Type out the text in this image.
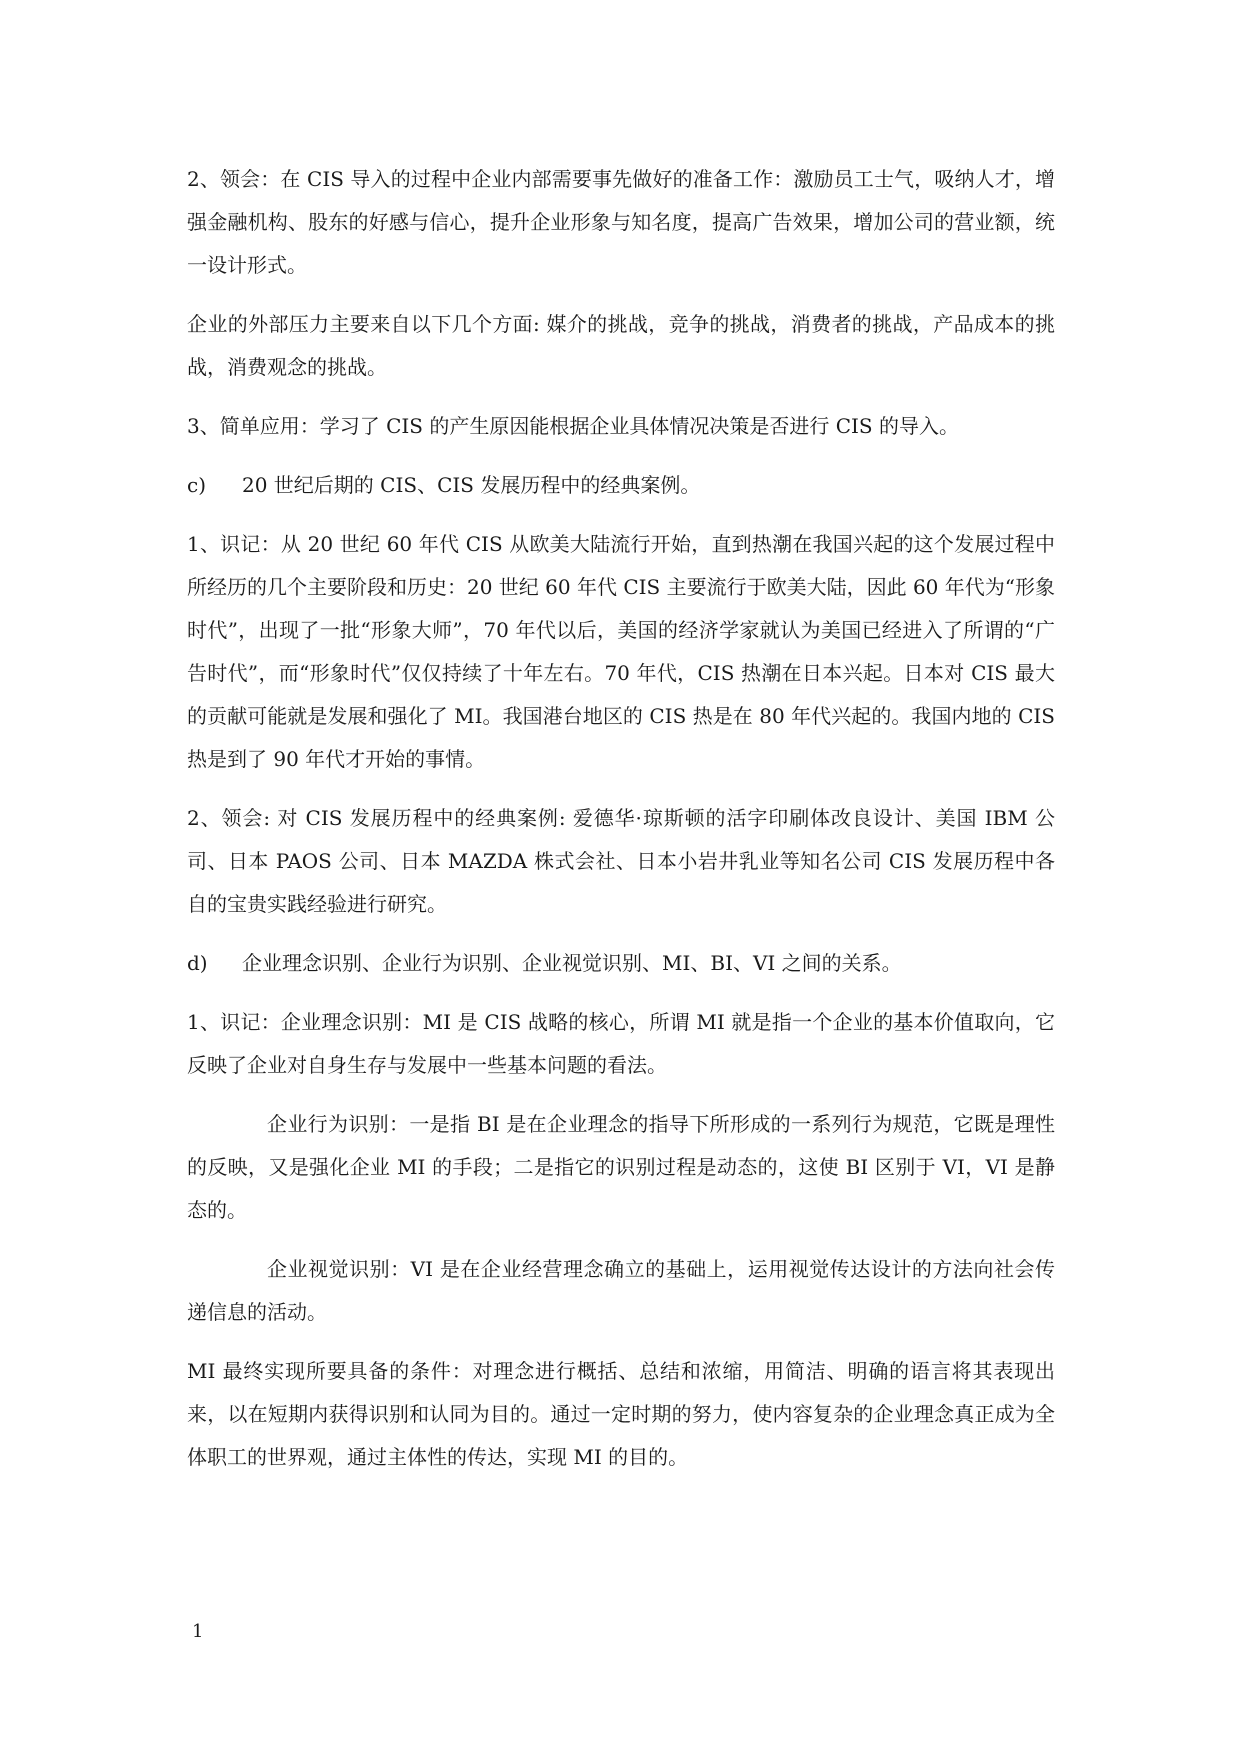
2、领会：在 CIS 导入的过程中企业内部需要事先做好的准备工作：激励员工士气，吸纳人才，增强金融机构、股东的好感与信心，提升企业形象与知名度，提高广告效果，增加公司的营业额，统一设计形式。

企业的外部压力主要来自以下几个方面: 媒介的挑战，竞争的挑战，消费者的挑战，产品成本的挑战，消费观念的挑战。

3、简单应用：学习了 CIS 的产生原因能根据企业具体情况决策是否进行 CIS 的导入。

c)	20 世纪后期的 CIS、CIS 发展历程中的经典案例。

1、识记：从 20 世纪 60 年代 CIS 从欧美大陆流行开始，直到热潮在我国兴起的这个发展过程中所经历的几个主要阶段和历史：20 世纪 60 年代 CIS 主要流行于欧美大陆，因此 60 年代为“形象时代”，出现了一批“形象大师”，70 年代以后，美国的经济学家就认为美国已经进入了所谓的“广告时代”，而“形象时代”仅仅持续了十年左右。70 年代，CIS 热潮在日本兴起。日本对 CIS 最大的贡献可能就是发展和强化了 MI。我国港台地区的 CIS 热是在 80 年代兴起的。我国内地的 CIS 热是到了 90 年代才开始的事情。

2、领会: 对 CIS 发展历程中的经典案例: 爱德华·琼斯顿的活字印刷体改良设计、美国 IBM 公司、日本 PAOS 公司、日本 MAZDA 株式会社、日本小岩井乳业等知名公司 CIS 发展历程中各自的宝贵实践经验进行研究。

d)	企业理念识别、企业行为识别、企业视觉识别、MI、BI、VI 之间的关系。

1、识记：企业理念识别：MI 是 CIS 战略的核心，所谓 MI 就是指一个企业的基本价值取向，它反映了企业对自身生存与发展中一些基本问题的看法。

企业行为识别：一是指 BI 是在企业理念的指导下所形成的一系列行为规范，它既是理性的反映，又是强化企业 MI 的手段；二是指它的识别过程是动态的，这使 BI 区别于 VI，VI 是静态的。

企业视觉识别：VI 是在企业经营理念确立的基础上，运用视觉传达设计的方法向社会传递信息的活动。

MI 最终实现所要具备的条件：对理念进行概括、总结和浓缩，用简洁、明确的语言将其表现出来，以在短期内获得识别和认同为目的。通过一定时期的努力，使内容复杂的企业理念真正成为全体职工的世界观，通过主体性的传达，实现 MI 的目的。

1
